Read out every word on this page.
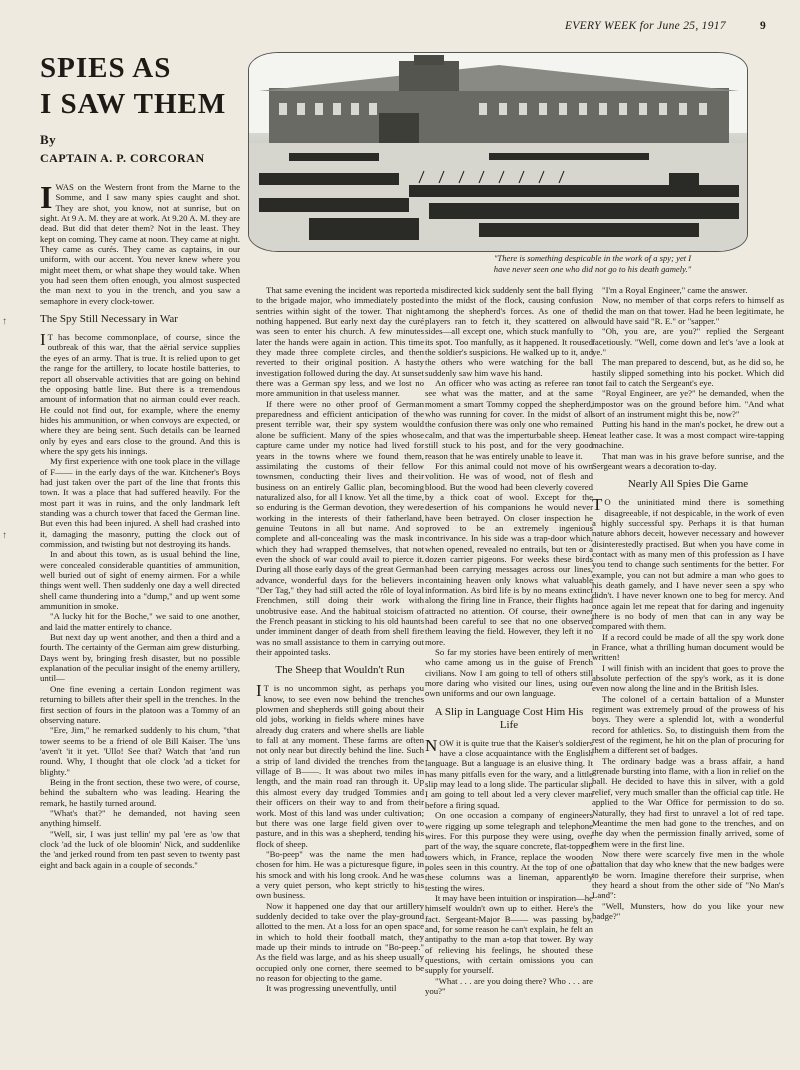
EVERY WEEK for June 25, 1917	9
↑
↑
SPIES AS
I SAW THEM
By
CAPTAIN A. P. CORCORAN
"There is something despicable in the work of a spy; yet I
have never seen one who did not go to his death gamely."

IWAS on the Western front from the Marne to the Somme, and I saw many spies caught and shot. They are shot, you know, not at sunrise, but on sight. At 9 A. M. they are at work. At 9.20 A. M. they are dead. But did that deter them? Not in the least. They kept on coming. They came at noon. They came at night. They came as curés. They came as captains, in our uniform, with our accent. You never knew where you might meet them, or what shape they would take. When you had seen them often enough, you almost suspected the man next to you in the trench, and you saw a semaphore in every clock-tower.

The Spy Still Necessary in War

I T has become commonplace, of course, since the outbreak of this war, that the aërial service supplies the eyes of an army. That is true. It is relied upon to get the range for the artillery, to locate hostile batteries, to report all observable activities that are going on behind the opposing battle line. But there is a tremendous amount of information that no airman could ever reach. He could not find out, for example, where the enemy hides his ammunition, or when convoys are expected, or where they are being sent. Such details can be learned only by eyes and ears close to the ground. And this is where the spy gets his innings.

My first experience with one took place in the village of F—— in the early days of the war. Kitchener's Boys had just taken over the part of the line that fronts this town. It was a place that had suffered heavily. For the most part it was in ruins, and the only landmark left standing was a church tower that faced the German line. But even this had been injured. A shell had crashed into it, damaging the masonry, putting the clock out of commission, and twisting but not destroying its hands.

In and about this town, as is usual behind the line, were concealed considerable quantities of ammunition, well buried out of sight of enemy airmen. For a while things went well. Then suddenly one day a well directed shell came thundering into a "dump," and up went some ammunition in smoke.

"A lucky hit for the Boche," we said to one another, and laid the matter entirely to chance.

But next day up went another, and then a third and a fourth. The certainty of the German aim grew disturbing. Days went by, bringing fresh disaster, but no possible explanation of the peculiar insight of the enemy artillery, until—

One fine evening a certain London regiment was returning to billets after their spell in the trenches. In the first section of fours in the platoon was a Tommy of an observing nature.

"Ere, Jim," he remarked suddenly to his chum, "that tower seems to be a friend of ole Bill Kaiser. The 'uns 'aven't 'it it yet. 'Ullo! See that? Watch that 'and run round. Why, I thought that ole clock 'ad a ticket for blighty."

Being in the front section, these two were, of course, behind the subaltern who was leading. Hearing the remark, he hastily turned around.

"What's that?" he demanded, not having seen anything himself.

"Well, sir, I was just tellin' my pal 'ere as 'ow that clock 'ad the luck of ole bloomin' Nick, and suddenlike the 'and jerked round from ten past seven to twenty past eight and back again in a couple of seconds."

That same evening the incident was reported to the brigade major, who immediately posted sentries within sight of the tower. That night nothing happened. But early next day the curé was seen to enter his church. A few minutes later the hands were again in action. This time they made three complete circles, and then reverted to their original position. A hasty investigation followed during the day. At sunset there was a German spy less, and we lost no more ammunition in that useless manner.

If there were no other proof of German preparedness and efficient anticipation of the present terrible war, their spy system would alone be sufficient. Many of the spies whose capture came under my notice had lived for years in the towns where we found them, assimilating the customs of their fellow townsmen, conducting their lives and their business on an entirely Gallic plan, becoming naturalized also, for all I know. Yet all the time, so enduring is the German devotion, they were working in the interests of their fatherland, genuine Teutons in all but name. And so complete and all-concealing was the mask in which they had wrapped themselves, that not even the shock of war could avail to pierce it. During all those early days of the great German advance, wonderful days for the believers in "Der Tag," they had still acted the rôle of loyal Frenchmen, still doing their work with unobtrusive ease. And the habitual stoicism of the French peasant in sticking to his old haunts under imminent danger of death from shell fire was no small assistance to them in carrying out their appointed tasks.

The Sheep that Wouldn't Run

I T is no uncommon sight, as perhaps you know, to see even now behind the trenches plowmen and shepherds still going about their old jobs, working in fields where mines have already dug craters and where shells are liable to fall at any moment. These farms are often not only near but directly behind the line. Such a strip of land divided the trenches from the village of B——. It was about two miles in length, and the main road ran through it. Up this almost every day trudged Tommies and their officers on their way to and from their work. Most of this land was under cultivation; but there was one large field given over to pasture, and in this was a shepherd, tending his flock of sheep.

"Bo-peep" was the name the men had chosen for him. He was a picturesque figure, in his smock and with his long crook. And he was a very quiet person, who kept strictly to his own business.

Now it happened one day that our artillery suddenly decided to take over the play-ground allotted to the men. At a loss for an open space in which to hold their football match, they made up their minds to intrude on "Bo-peep." As the field was large, and as his sheep usually occupied only one corner, there seemed to be no reason for objecting to the game.

It was progressing uneventfully, until

a misdirected kick suddenly sent the ball flying into the midst of the flock, causing confusion among the shepherd's forces. As one of the players ran to fetch it, they scattered on all sides—all except one, which stuck manfully to its spot. Too manfully, as it happened. It roused the soldier's suspicions. He walked up to it, and the others who were watching for the ball suddenly saw him wave his hand.

An officer who was acting as referee ran to see what was the matter, and at the same moment a smart Tommy copped the shepherd, who was running for cover. In the midst of all the confusion there was only one who remained calm, and that was the imperturbable sheep. He still stuck to his post, and for the very good reason that he was entirely unable to leave it.

For this animal could not move of his own volition. He was of wood, not of flesh and blood. But the wood had been cleverly covered by a thick coat of wool. Except for the desertion of his companions he would never have been betrayed. On closer inspection he proved to be an extremely ingenious contrivance. In his side was a trap-door which, when opened, revealed no entrails, but ten or a dozen carrier pigeons. For weeks these birds had been carrying messages across our lines, containing heaven only knows what valuable information. As bird life is by no means extinct along the firing line in France, their flights had attracted no attention. Of course, their owner had been careful to see that no one observed them leaving the field. However, they left it no more.

So far my stories have been entirely of men who came among us in the guise of French civilians. Now I am going to tell of others still more daring who visited our lines, using our own uniforms and our own language.

A Slip in Language Cost Him His Life

NOW it is quite true that the Kaiser's soldiers have a close acquaintance with the English language. But a language is an elusive thing. It has many pitfalls even for the wary, and a little slip may lead to a long slide. The particular slip I am going to tell about led a very clever man before a firing squad.

On one occasion a company of engineers were rigging up some telegraph and telephone wires. For this purpose they were using, over part of the way, the square concrete, flat-topped towers which, in France, replace the wooden poles seen in this country. At the top of one of these columns was a lineman, apparently testing the wires.

It may have been intuition or inspiration—he himself wouldn't own up to either. Here's the fact. Sergeant-Major B—— was passing by, and, for some reason he can't explain, he felt an antipathy to the man a-top that tower. By way of relieving his feelings, he shouted these questions, with certain omissions you can supply for yourself.

"What . . . are you doing there? Who . . . are you?"

"I'm a Royal Engineer," came the answer.

Now, no member of that corps refers to himself as did the man on that tower. Had he been legitimate, he would have said "R. E." or "sapper."

"Oh, you are, are you?" replied the Sergeant facetiously. "Well, come down and let's 'ave a look at ye."

The man prepared to descend, but, as he did so, he hastily slipped something into his pocket. Which did not fail to catch the Sergeant's eye.

"Royal Engineer, are ye?" he demanded, when the impostor was on the ground before him. "And what sort of an instrument might this be, now?"

Putting his hand in the man's pocket, he drew out a neat leather case. It was a most compact wire-tapping machine.

That man was in his grave before sunrise, and the Sergeant wears a decoration to-day.

Nearly All Spies Die Game

T O the uninitiated mind there is something disagreeable, if not despicable, in the work of even a highly successful spy. Perhaps it is that human nature abhors deceit, however necessary and however disinterestedly practised. But when you have come in contact with as many men of this profession as I have you tend to change such sentiments for the better. For example, you can not but admire a man who goes to his death gamely, and I have never seen a spy who didn't. I have never known one to beg for mercy. And once again let me repeat that for daring and ingenuity there is no body of men that can in any way be compared with them.

If a record could be made of all the spy work done in France, what a thrilling human document would be written!

I will finish with an incident that goes to prove the absolute perfection of the spy's work, as it is done even now along the line and in the British Isles.

The colonel of a certain battalion of a Munster regiment was extremely proud of the prowess of his boys. They were a splendid lot, with a wonderful record for athletics. So, to distinguish them from the rest of the regiment, he hit on the plan of procuring for them a different set of badges.

The ordinary badge was a brass affair, a hand grenade bursting into flame, with a lion in relief on the ball. He decided to have this in silver, with a gold relief, very much smaller than the official cap title. He applied to the War Office for permission to do so. Naturally, they had first to unravel a lot of red tape. Meantime the men had gone to the trenches, and on the day when the permission finally arrived, some of them were in the first line.

Now there were scarcely five men in the whole battalion that day who knew that the new badges were to be worn. Imagine therefore their surprise, when they heard a shout from the other side of "No Man's Land":

"Well, Munsters, how do you like your new badge?"
